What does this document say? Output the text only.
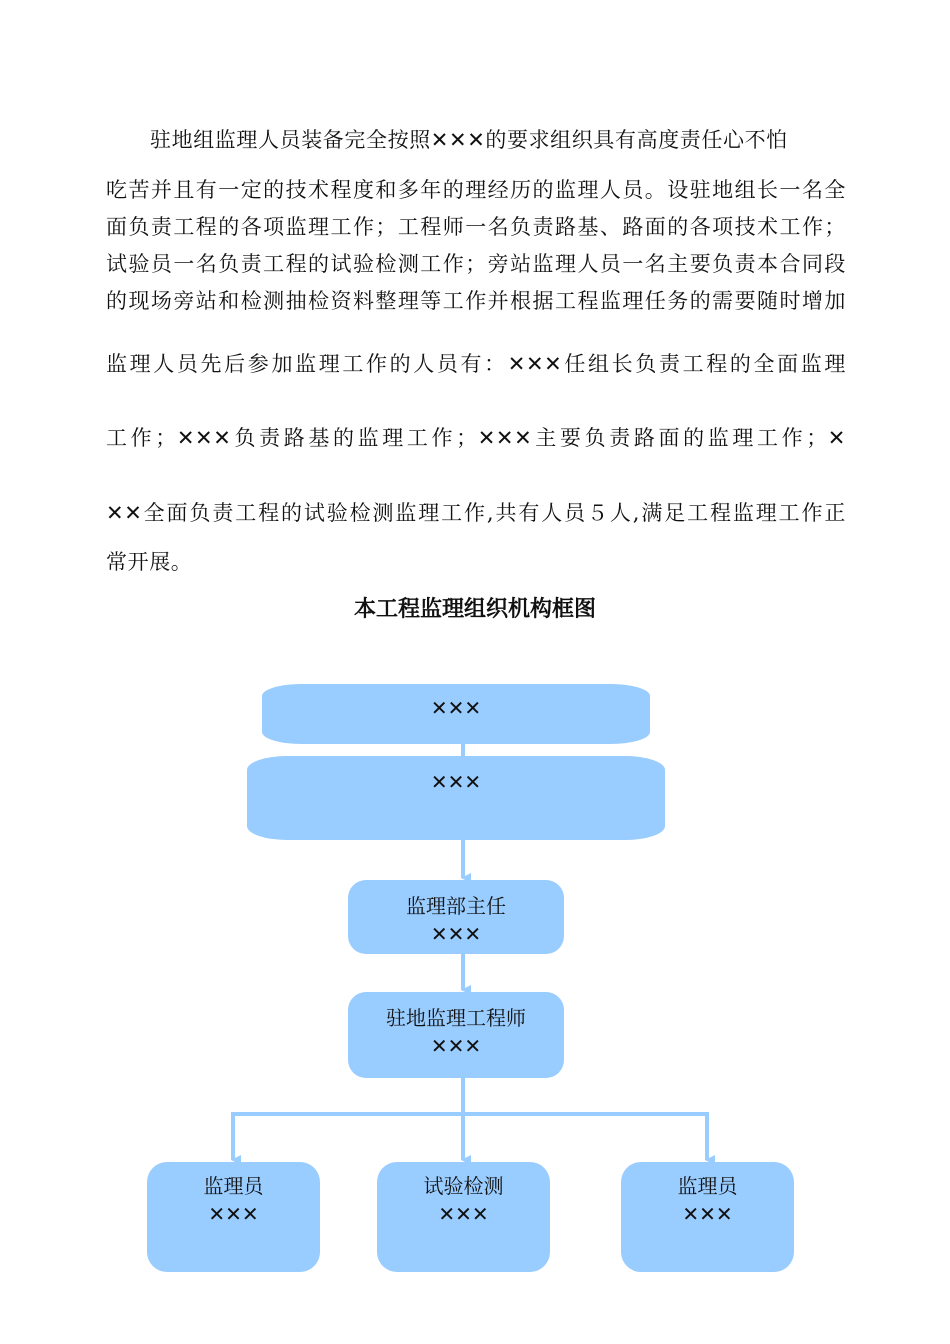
驻地组监理人员装备完全按照✕✕✕的要求组织具有高度责任心不怕
吃苦并且有一定的技术程度和多年的理经历的监理人员。设驻地组长一名全
面负责工程的各项监理工作；工程师一名负责路基、路面的各项技术工作；
试验员一名负责工程的试验检测工作；旁站监理人员一名主要负责本合同段
的现场旁站和检测抽检资料整理等工作并根据工程监理任务的需要随时增加
监理人员先后参加监理工作的人员有：✕✕✕任组长负责工程的全面监理
工作；✕✕✕负责路基的监理工作；✕✕✕主要负责路面的监理工作；✕
✕✕全面负责工程的试验检测监理工作,共有人员５人,满足工程监理工作正
常开展。
本工程监理组织机构框图
✕✕✕
✕✕✕
监理部主任
✕✕✕
驻地监理工程师
✕✕✕
监理员
✕✕✕
试验检测
✕✕✕
监理员
✕✕✕
